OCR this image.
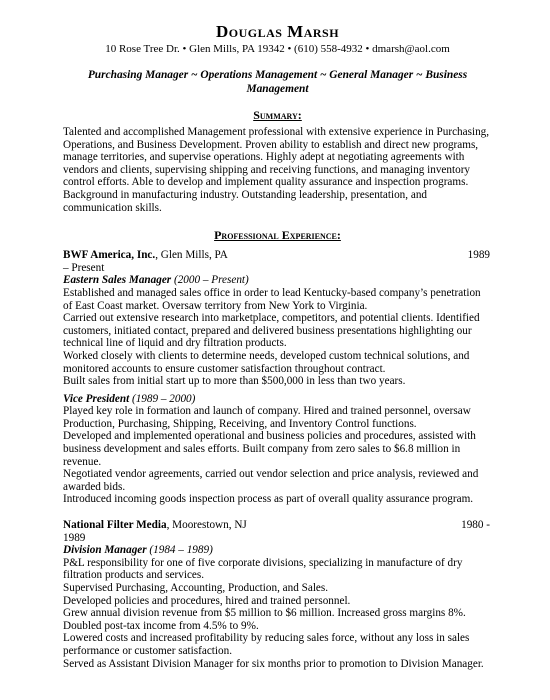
Douglas Marsh
10 Rose Tree Dr. • Glen Mills, PA 19342 • (610) 558-4932 • dmarsh@aol.com
Purchasing Manager ~ Operations Management ~ General Manager ~ Business
Management
Summary:

Talented and accomplished Management professional with extensive experience in Purchasing, Operations, and Business Development. Proven ability to establish and direct new programs, manage territories, and supervise operations. Highly adept at negotiating agreements with vendors and clients, supervising shipping and receiving functions, and managing inventory control efforts. Able to develop and implement quality assurance and inspection programs. Background in manufacturing industry. Outstanding leadership, presentation, and communication skills.

Professional Experience:
BWF America, Inc., Glen Mills, PA	1989
– Present
Eastern Sales Manager (2000 – Present)

Established and managed sales office in order to lead Kentucky-based company’s penetration of East Coast market. Oversaw territory from New York to Virginia.

Carried out extensive research into marketplace, competitors, and potential clients. Identified customers, initiated contact, prepared and delivered business presentations highlighting our technical line of liquid and dry filtration products.

Worked closely with clients to determine needs, developed custom technical solutions, and monitored accounts to ensure customer satisfaction throughout contract.

Built sales from initial start up to more than $500,000 in less than two years.

Vice President (1989 – 2000)

Played key role in formation and launch of company. Hired and trained personnel, oversaw Production, Purchasing, Shipping, Receiving, and Inventory Control functions.

Developed and implemented operational and business policies and procedures, assisted with business development and sales efforts. Built company from zero sales to $6.8 million in revenue.

Negotiated vendor agreements, carried out vendor selection and price analysis, reviewed and awarded bids.

Introduced incoming goods inspection process as part of overall quality assurance program.

National Filter Media, Moorestown, NJ	1980 -
1989
Division Manager (1984 – 1989)

P&L responsibility for one of five corporate divisions, specializing in manufacture of dry filtration products and services.

Supervised Purchasing, Accounting, Production, and Sales.

Developed policies and procedures, hired and trained personnel.

Grew annual division revenue from $5 million to $6 million. Increased gross margins 8%. Doubled post-tax income from 4.5% to 9%.

Lowered costs and increased profitability by reducing sales force, without any loss in sales performance or customer satisfaction.

Served as Assistant Division Manager for six months prior to promotion to Division Manager.
